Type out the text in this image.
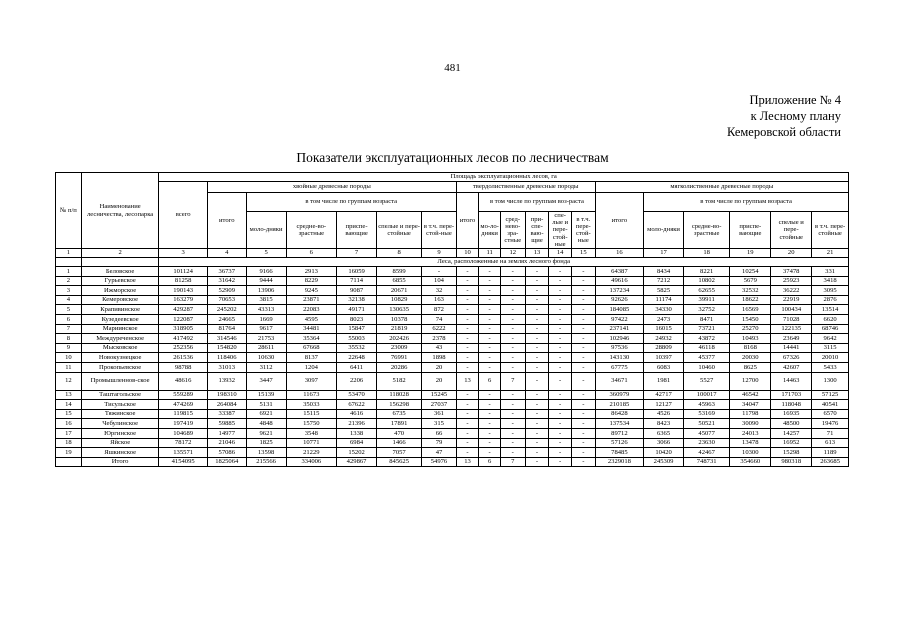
481
Приложение № 4
к Лесному плану
Кемеровской области
Показатели эксплуатационных лесов по лесничествам
№ п/п	Наименование лесничества, лесопарка	Площадь эксплуатационных лесов, га																		
		всего	хвойные древесные породы						твердолиственные древесные породы						мягколиственные древесные породы					
			итого	в том числе по группам возраста					итого	в том числе по группам воз-раста					итого	в том числе по группам возраста				
				моло-дняки	средне-во-зрастные	приспе-вающие	спелые и пере-стойные	в т.ч. пере-стой-ные		мо-ло-дняки	сред-нево-зра-стные	при-спе-ваю-щие	спе-лые и пере-стой-ные	в т.ч. пере-стой-ные		моло-дняки	средне-во-зрастные	приспе-вающие	спелые и пере-стойные	в т.ч. пере-стойные
1	2	3	4	5	6	7	8	9	10	11	12	13	14	15	16	17	18	19	20	21
		Леса, расположенные на землях лесного фонда																		
1	Беловское	101124	36737	9166	2913	16059	8599	-	-	-	-	-	-	-	64387	8434	8221	10254	37478	331
2	Гурьевское	81258	31642	9444	8229	7114	6855	104	-	-	-	-	-	-	49616	7212	10802	5679	25923	3418
3	Ижморское	190143	52909	13906	9245	9087	20671	32	-	-	-	-	-	-	137234	5825	62655	32532	36222	3095
4	Кемеровское	163279	70653	3815	23871	32138	10829	163	-	-	-	-	-	-	92626	11174	39911	18622	22919	2876
5	Крапивинское	429287	245202	43313	22083	49171	130635	872	-	-	-	-	-	-	184085	34330	32752	16569	100434	13514
6	Кузедеевское	122087	24665	1669	4595	8023	10378	74	-	-	-	-	-	-	97422	2473	8471	15450	71028	6620
7	Мариинское	318905	81764	9617	34481	15847	21819	6222	-	-	-	-	-	-	237141	16015	73721	25270	122135	68746
8	Междуреченское	417492	314546	21753	35364	55003	202426	2378	-	-	-	-	-	-	102946	24932	43872	10493	23649	9642
9	Мысковское	252356	154820	28611	67668	35532	23009	43	-	-	-	-	-	-	97536	28809	46118	8168	14441	3115
10	Новокузнецкое	261536	118406	10630	8137	22648	76991	1898	-	-	-	-	-	-	143130	10397	45377	20030	67326	20010
11	Прокопьевское	98788	31013	3112	1204	6411	20286	20	-	-	-	-	-	-	67775	6083	10460	8625	42607	5433
12	Промышленнов-ское	48616	13932	3447	3097	2206	5182	20	13	6	7	-	-	-	34671	1981	5527	12700	14463	1300
13	Таштагольское	559289	198310	15139	11673	53470	118028	15245	-	-	-	-	-	-	360979	42717	100017	46542	171703	57125
14	Тисульское	474269	264084	5131	35033	67622	156298	27037	-	-	-	-	-	-	210185	12127	45963	34047	118048	40541
15	Тяжинское	119815	33387	6921	15115	4616	6735	361	-	-	-	-	-	-	86428	4526	53169	11798	16935	6570
16	Чебулинское	197419	59885	4848	15750	21396	17891	315	-	-	-	-	-	-	137534	8423	50521	30090	48500	19476
17	Юргинское	104689	14977	9621	3548	1338	470	66	-	-	-	-	-	-	89712	6365	45077	24013	14257	71
18	Яйское	78172	21046	1825	10771	6984	1466	79	-	-	-	-	-	-	57126	3066	23630	13478	16952	613
19	Яшкинское	135571	57086	13598	21229	15202	7057	47	-	-	-	-	-	-	78485	10420	42467	10300	15298	1189
	Итого	4154095	1825064	215566	334006	429867	845625	54976	13	6	7	-	-	-	2329018	245309	748731	354660	980318	263685
